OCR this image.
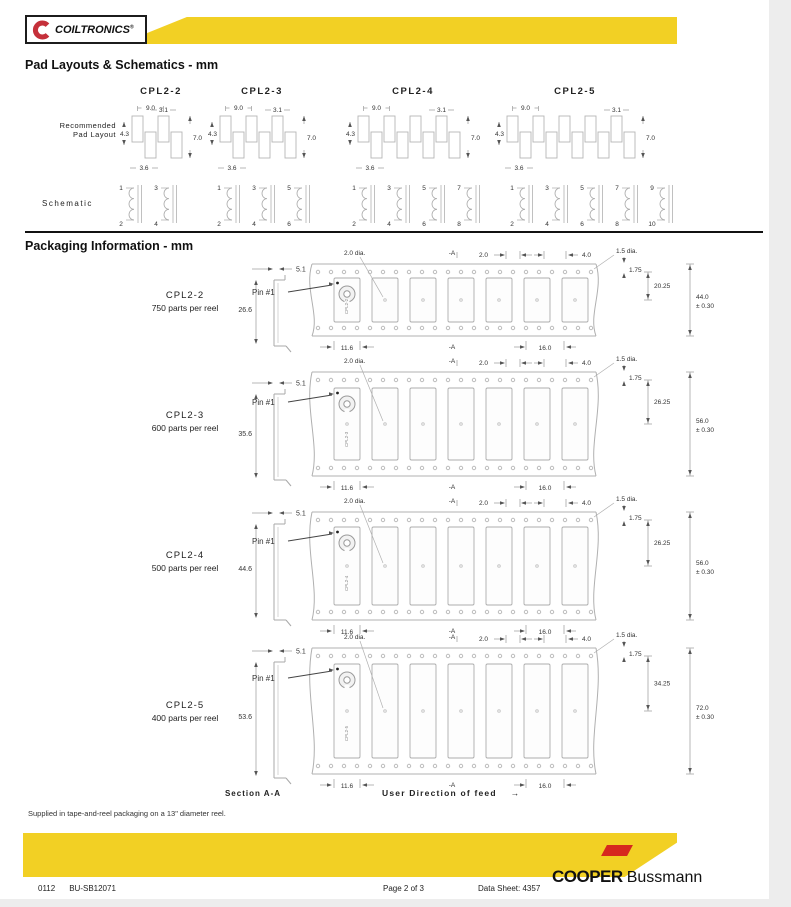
COILTRONICS®
Pad Layouts & Schematics - mm
CPL2-2	CPL2-3	CPL2-4	CPL2-5
Recommended
Pad Layout
9.0 3.1
4.3
7.0
3.6
9.0	3.1
4.3
7.0
3.6
9.0	3.1
4.3
7.0
3.6
9.0	3.1
4.3
7.0
3.6
Schematic
1
2
3
4
1
2
3
4
5
6
1
2
3
4
5
6
7
8
1
2
3
4
5
6
7
8
9
10
Packaging Information - mm
CPL2-2
750 parts per reel
CPL2-3
600 parts per reel
CPL2-4
500 parts per reel
CPL2-5
400 parts per reel
5.1
26.6
5.1
35.6
5.1
44.6
5.1
53.6
CPL2-2
Pin #1
2.0 dia.	-A	2.0	4.0
1.5 dia.
1.75
20.25
44.0
± 0.30
11.6	-A	16.0
CPL2-3
Pin #1
2.0 dia.	-A	2.0	4.0
1.5 dia.
1.75
26.25
56.0
± 0.30
11.6	-A	16.0
CPL2-4
Pin #1
2.0 dia.	-A	2.0	4.0
1.5 dia.
1.75
26.25
56.0
± 0.30
11.6	-A	16.0
CPL2-5
Pin #1
2.0 dia.	-A	2.0	4.0
1.5 dia.
1.75
34.25
72.0
± 0.30
11.6	-A	16.0
Section A-A	User Direction of feed →
Supplied in tape-and-reel packaging on a 13" diameter reel.
0112 BU-SB12071	Page 2 of 3	Data Sheet: 4357
COOPER Bussmann
